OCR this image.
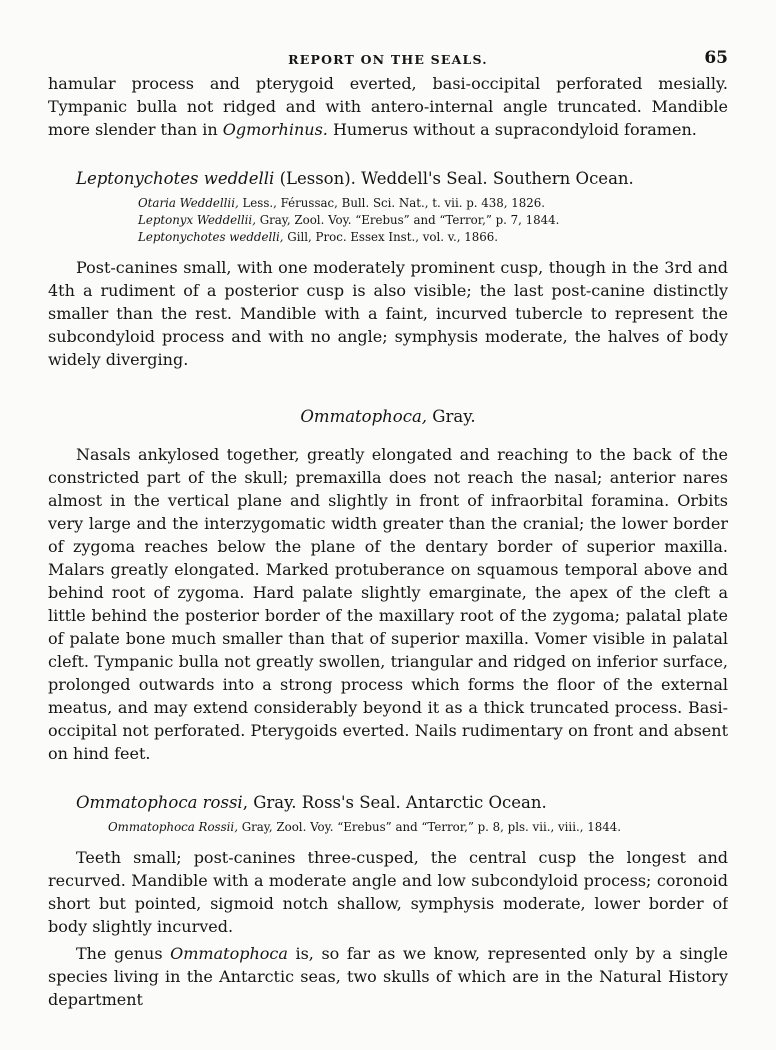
REPORT ON THE SEALS.	65

hamular process and pterygoid everted, basi-occipital perforated mesially. Tympanic bulla not ridged and with antero-internal angle truncated. Mandible more slender than in Ogmorhinus. Humerus without a supracondyloid foramen.

Leptonychotes weddelli (Lesson). Weddell's Seal. Southern Ocean.
Otaria Weddellii, Less., Férussac, Bull. Sci. Nat., t. vii. p. 438, 1826.
Leptonyx Weddellii, Gray, Zool. Voy. “Erebus” and “Terror,” p. 7, 1844.
Leptonychotes weddelli, Gill, Proc. Essex Inst., vol. v., 1866.

Post-canines small, with one moderately prominent cusp, though in the 3rd and 4th a rudiment of a posterior cusp is also visible; the last post-canine distinctly smaller than the rest. Mandible with a faint, incurved tubercle to represent the subcondyloid process and with no angle; symphysis moderate, the halves of body widely diverging.

Ommatophoca, Gray.

Nasals ankylosed together, greatly elongated and reaching to the back of the constricted part of the skull; premaxilla does not reach the nasal; anterior nares almost in the vertical plane and slightly in front of infraorbital foramina. Orbits very large and the interzygomatic width greater than the cranial; the lower border of zygoma reaches below the plane of the dentary border of superior maxilla. Malars greatly elongated. Marked protuberance on squamous temporal above and behind root of zygoma. Hard palate slightly emarginate, the apex of the cleft a little behind the posterior border of the maxillary root of the zygoma; palatal plate of palate bone much smaller than that of superior maxilla. Vomer visible in palatal cleft. Tympanic bulla not greatly swollen, triangular and ridged on inferior surface, prolonged outwards into a strong process which forms the floor of the external meatus, and may extend considerably beyond it as a thick truncated process. Basi-occipital not perforated. Pterygoids everted. Nails rudimentary on front and absent on hind feet.

Ommatophoca rossi, Gray. Ross's Seal. Antarctic Ocean.
Ommatophoca Rossii, Gray, Zool. Voy. “Erebus” and “Terror,” p. 8, pls. vii., viii., 1844.

Teeth small; post-canines three-cusped, the central cusp the longest and recurved. Mandible with a moderate angle and low subcondyloid process; coronoid short but pointed, sigmoid notch shallow, symphysis moderate, lower border of body slightly incurved.

The genus Ommatophoca is, so far as we know, represented only by a single species living in the Antarctic seas, two skulls of which are in the Natural History department
